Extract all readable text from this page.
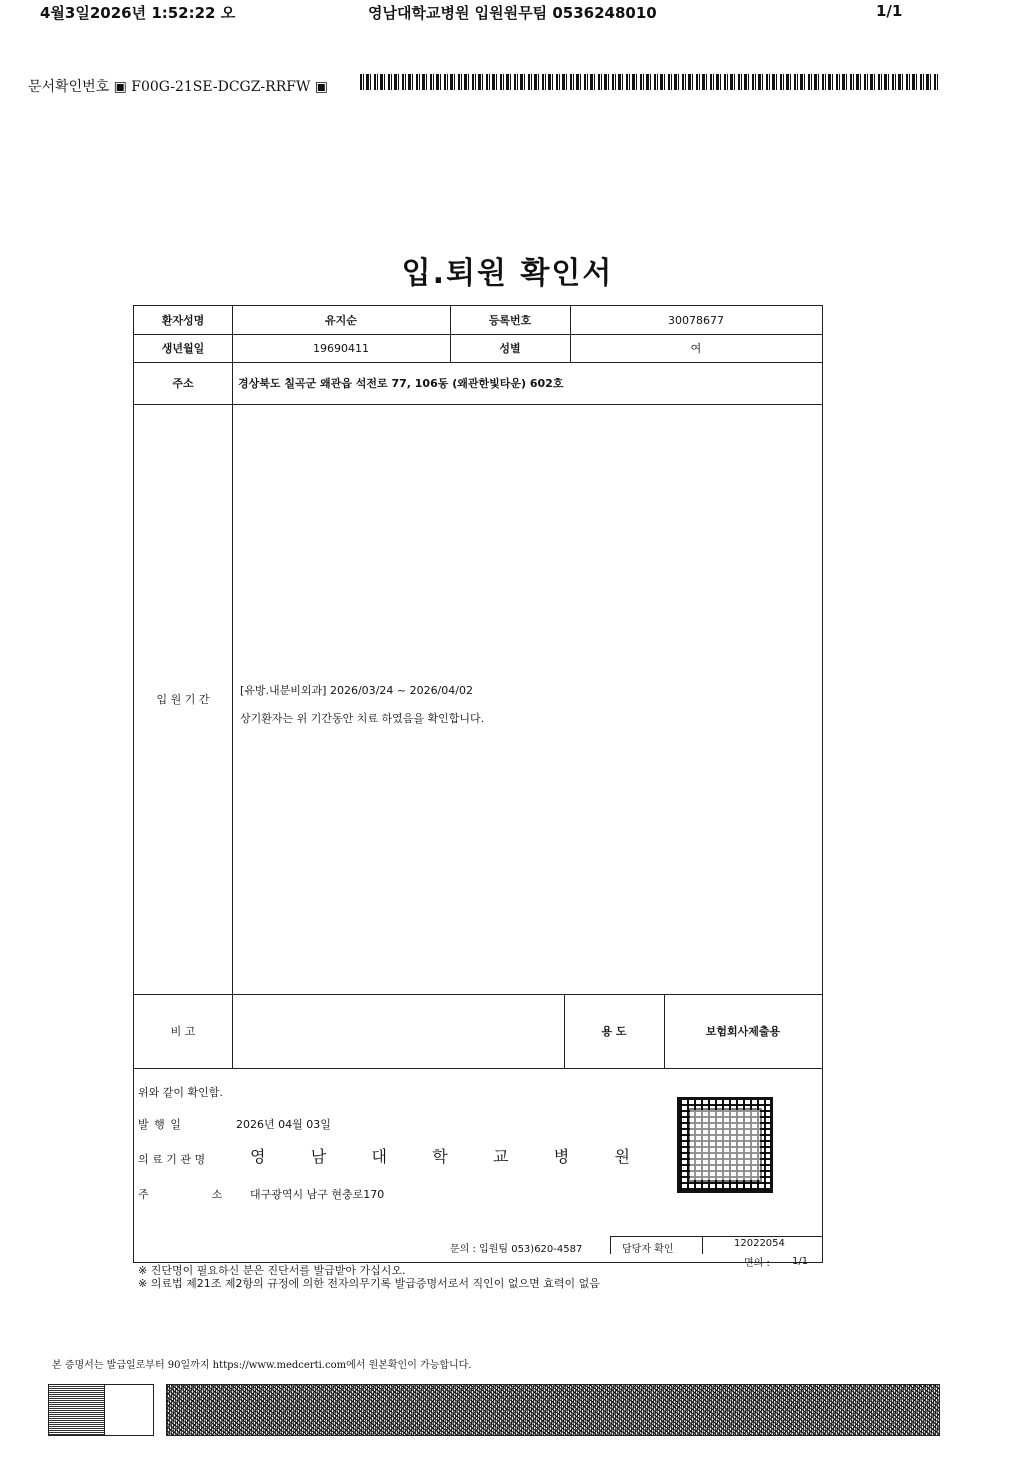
4월3일2026년 1:52:22 오	영남대학교병원 입원원무팀 0536248010	1/1
문서확인번호 ▣ F00G-21SE-DCGZ-RRFW ▣
입.퇴원 확인서
환자성명	유지순	등록번호	30078677
생년월일	19690411	성별	여
주소	경상북도 칠곡군 왜관읍 석전로 77, 106동 (왜관한빛타운) 602호
입 원 기 간
[유방.내분비외과] 2026/03/24 ~ 2026/04/02
상기환자는 위 기간동안 치료 하였음을 확인합니다.
비 고	용 도	보험회사제출용
위와 같이 확인함.
발 행 일	2026년 04월 03일
의 료 기 관 명	영	남	대	학	교	병	원
주                  소	대구광역시 남구 현충로170
문의 : 입원팀 053)620-4587	담당자 확인
12022054
면의 : 1/1
※ 진단명이 필요하신 분은 진단서를 발급받아 가십시오.
※ 의료법 제21조 제2항의 규정에 의한 전자의무기록 발급증명서로서 직인이 없으면 효력이 없음
본 증명서는 발급일로부터 90일까지 https://www.medcerti.com에서 원본확인이 가능합니다.
